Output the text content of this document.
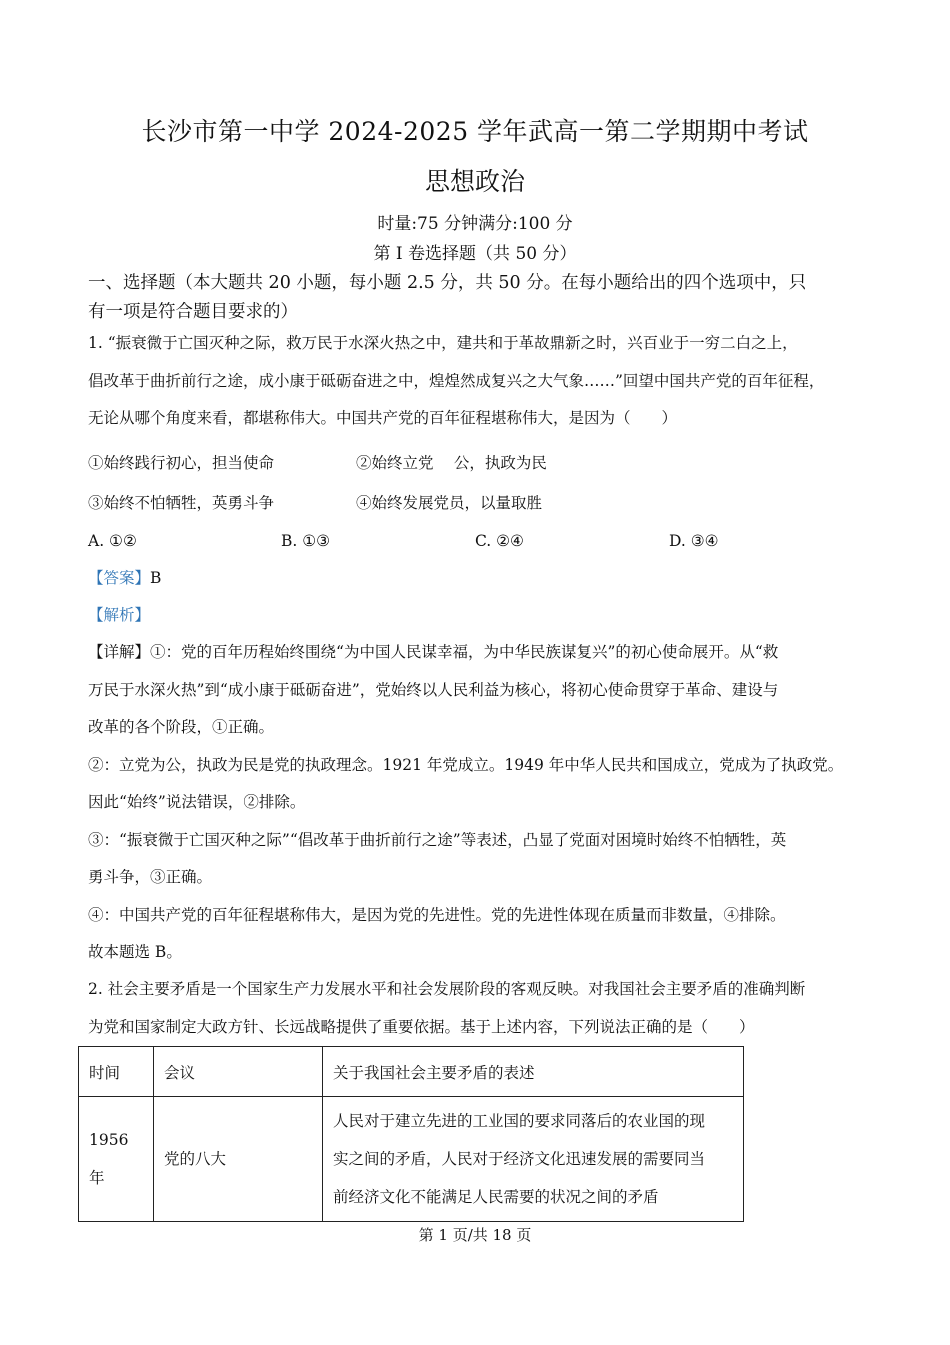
长沙市第一中学 2024-2025 学年武高一第二学期期中考试
思想政治
时量:75 分钟满分:100 分
第 I 卷选择题（共 50 分）
一、选择题（本大题共 20 小题，每小题 2.5 分，共 50 分。在每小题给出的四个选项中，只
有一项是符合题目要求的）
1. “振衰微于亡国灭种之际，救万民于水深火热之中，建共和于革故鼎新之时，兴百业于一穷二白之上，
倡改革于曲折前行之途，成小康于砥砺奋进之中，煌煌然成复兴之大气象……”回望中国共产党的百年征程，
无论从哪个角度来看，都堪称伟大。中国共产党的百年征程堪称伟大，是因为（　　）
①始终践行初心，担当使命	②始终立党　 公，执政为民
③始终不怕牺牲，英勇斗争	④始终发展党员，以量取胜
A. ①②	B. ①③	C. ②④	D. ③④
【答案】B
【解析】
【详解】①：党的百年历程始终围绕“为中国人民谋幸福，为中华民族谋复兴”的初心使命展开。从“救
万民于水深火热”到“成小康于砥砺奋进”，党始终以人民利益为核心，将初心使命贯穿于革命、建设与
改革的各个阶段，①正确。
②：立党为公，执政为民是党的执政理念。1921 年党成立。1949 年中华人民共和国成立，党成为了执政党。
因此“始终”说法错误，②排除。
③：“振衰微于亡国灭种之际”“倡改革于曲折前行之途”等表述，凸显了党面对困境时始终不怕牺牲，英
勇斗争，③正确。
④：中国共产党的百年征程堪称伟大，是因为党的先进性。党的先进性体现在质量而非数量，④排除。
故本题选 B。
2. 社会主要矛盾是一个国家生产力发展水平和社会发展阶段的客观反映。对我国社会主要矛盾的准确判断
为党和国家制定大政方针、长远战略提供了重要依据。基于上述内容，下列说法正确的是（　　）
时间	会议	关于我国社会主要矛盾的表述
1956 年	党的八大	人民对于建立先进的工业国的要求同落后的农业国的现
实之间的矛盾，人民对于经济文化迅速发展的需要同当
前经济文化不能满足人民需要的状况之间的矛盾
第 1 页/共 18 页
